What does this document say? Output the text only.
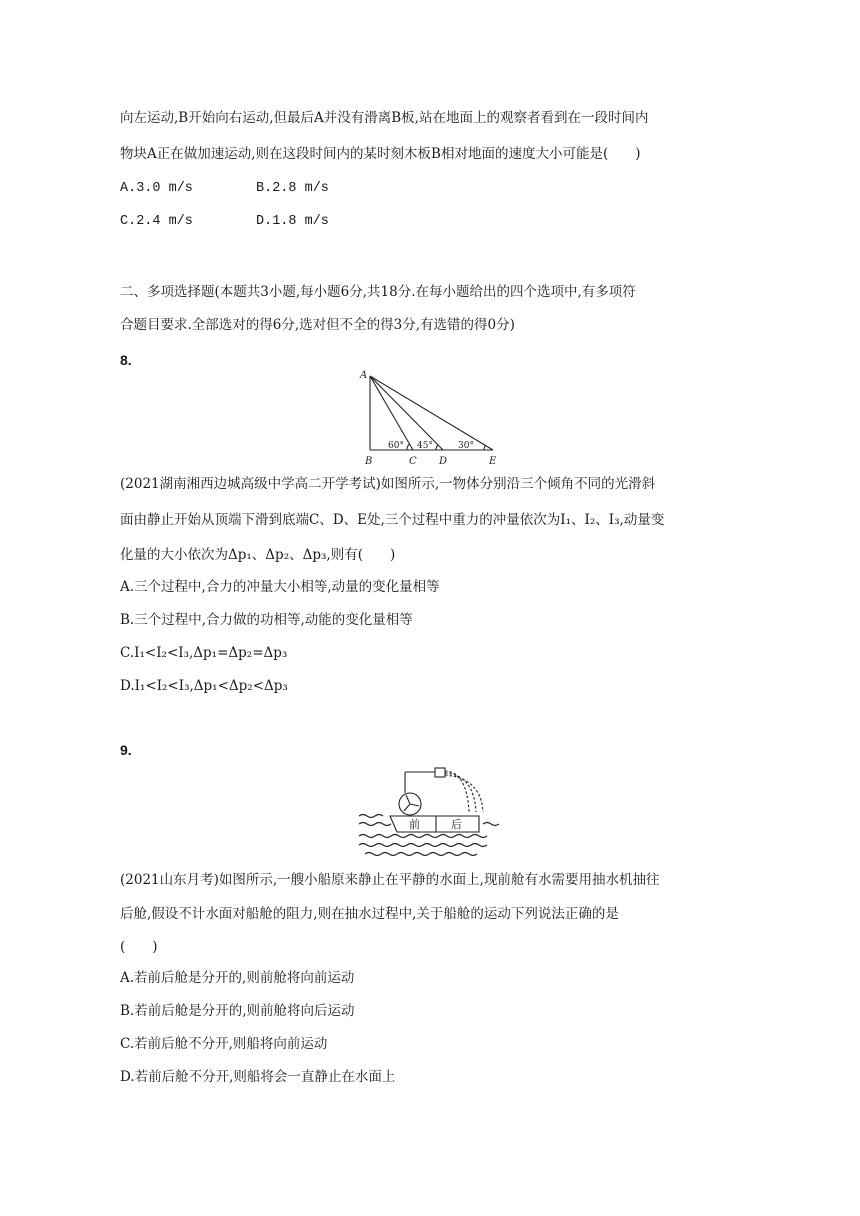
向左运动,B开始向右运动,但最后A并没有滑离B板,站在地面上的观察者看到在一段时间内
物块A正在做加速运动,则在这段时间内的某时刻木板B相对地面的速度大小可能是(　　)
A.3.0 m/s	B.2.8 m/s
C.2.4 m/s	D.1.8 m/s
二、多项选择题(本题共3小题,每小题6分,共18分.在每小题给出的四个选项中,有多项符
合题目要求.全部选对的得6分,选对但不全的得3分,有选错的得0分)
8.
A
B	C D	E
60° 45°	30°
(2021湖南湘西边城高级中学高二开学考试)如图所示,一物体分别沿三个倾角不同的光滑斜
面由静止开始从顶端下滑到底端C、D、E处,三个过程中重力的冲量依次为I₁、I₂、I₃,动量变
化量的大小依次为Δp₁、Δp₂、Δp₃,则有(　　)
A.三个过程中,合力的冲量大小相等,动量的变化量相等
B.三个过程中,合力做的功相等,动能的变化量相等
C.I₁<I₂<I₃,Δp₁=Δp₂=Δp₃
D.I₁<I₂<I₃,Δp₁<Δp₂<Δp₃
9.
前	后
(2021山东月考)如图所示,一艘小船原来静止在平静的水面上,现前舱有水需要用抽水机抽往
后舱,假设不计水面对船舱的阻力,则在抽水过程中,关于船舱的运动下列说法正确的是
(　　)
A.若前后舱是分开的,则前舱将向前运动
B.若前后舱是分开的,则前舱将向后运动
C.若前后舱不分开,则船将向前运动
D.若前后舱不分开,则船将会一直静止在水面上
